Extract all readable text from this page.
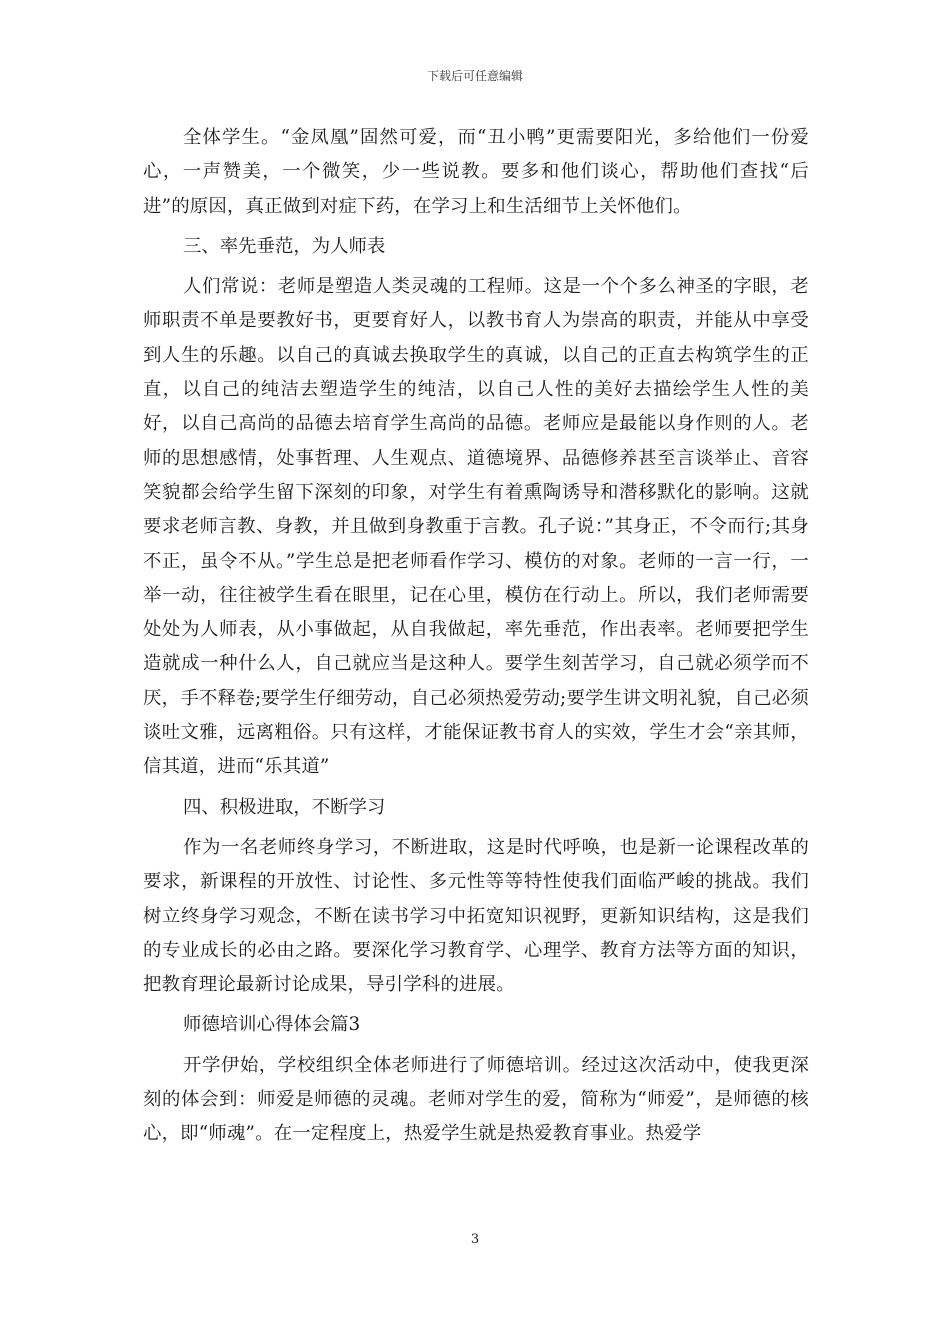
下载后可任意编辑

全体学生。“金凤凰”固然可爱，而“丑小鸭”更需要阳光，多给他们一份爱心，一声赞美，一个微笑，少一些说教。要多和他们谈心，帮助他们查找“后进”的原因，真正做到对症下药，在学习上和生活细节上关怀他们。

三、率先垂范，为人师表

人们常说：老师是塑造人类灵魂的工程师。这是一个个多么神圣的字眼，老师职责不单是要教好书，更要育好人，以教书育人为崇高的职责，并能从中享受到人生的乐趣。以自己的真诚去换取学生的真诚，以自己的正直去构筑学生的正直，以自己的纯洁去塑造学生的纯洁，以自己人性的美好去描绘学生人性的美好，以自己高尚的品德去培育学生高尚的品德。老师应是最能以身作则的人。老师的思想感情，处事哲理、人生观点、道德境界、品德修养甚至言谈举止、音容笑貌都会给学生留下深刻的印象，对学生有着熏陶诱导和潜移默化的影响。这就要求老师言教、身教，并且做到身教重于言教。孔子说：”其身正，不令而行;其身不正，虽令不从。”学生总是把老师看作学习、模仿的对象。老师的一言一行，一举一动，往往被学生看在眼里，记在心里，模仿在行动上。所以，我们老师需要处处为人师表，从小事做起，从自我做起，率先垂范，作出表率。老师要把学生造就成一种什么人，自己就应当是这种人。要学生刻苦学习，自己就必须学而不厌，手不释卷;要学生仔细劳动，自己必须热爱劳动;要学生讲文明礼貌，自己必须谈吐文雅，远离粗俗。只有这样，才能保证教书育人的实效，学生才会“亲其师，信其道，进而“乐其道”

四、积极进取，不断学习

作为一名老师终身学习，不断进取，这是时代呼唤，也是新一论课程改革的要求，新课程的开放性、讨论性、多元性等等特性使我们面临严峻的挑战。我们树立终身学习观念，不断在读书学习中拓宽知识视野，更新知识结构，这是我们的专业成长的必由之路。要深化学习教育学、心理学、教育方法等方面的知识，把教育理论最新讨论成果，导引学科的进展。

师德培训心得体会篇3

开学伊始，学校组织全体老师进行了师德培训。经过这次活动中，使我更深刻的体会到：师爱是师德的灵魂。老师对学生的爱，简称为“师爱”，是师德的核心，即“师魂”。在一定程度上，热爱学生就是热爱教育事业。热爱学

3
